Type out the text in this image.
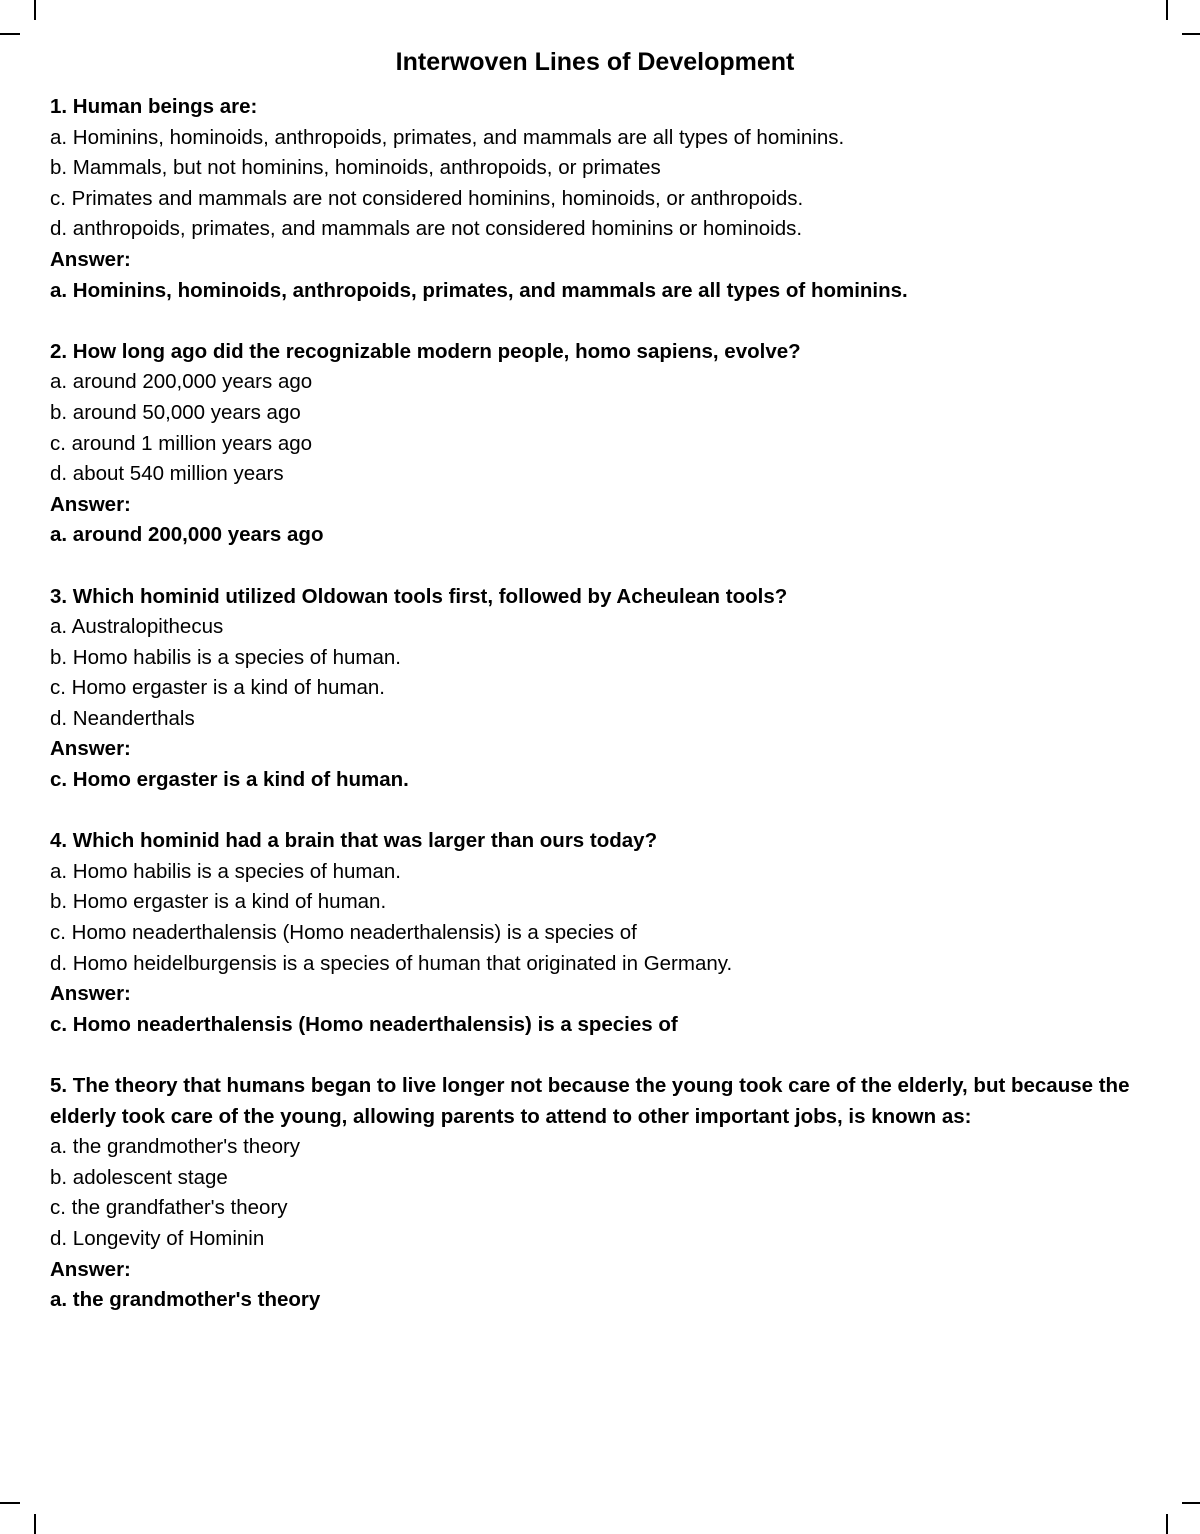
Interwoven Lines of Development
1. Human beings are:
a. Hominins, hominoids, anthropoids, primates, and mammals are all types of hominins.
b. Mammals, but not hominins, hominoids, anthropoids, or primates
c. Primates and mammals are not considered hominins, hominoids, or anthropoids.
d. anthropoids, primates, and mammals are not considered hominins or hominoids.
Answer:
a. Hominins, hominoids, anthropoids, primates, and mammals are all types of hominins.
2. How long ago did the recognizable modern people, homo sapiens, evolve?
a. around 200,000 years ago
b. around 50,000 years ago
c. around 1 million years ago
d. about 540 million years
Answer:
a. around 200,000 years ago
3. Which hominid utilized Oldowan tools first, followed by Acheulean tools?
a. Australopithecus
b. Homo habilis is a species of human.
c. Homo ergaster is a kind of human.
d. Neanderthals
Answer:
c. Homo ergaster is a kind of human.
4. Which hominid had a brain that was larger than ours today?
a. Homo habilis is a species of human.
b. Homo ergaster is a kind of human.
c. Homo neaderthalensis (Homo neaderthalensis) is a species of
d. Homo heidelburgensis is a species of human that originated in Germany.
Answer:
c. Homo neaderthalensis (Homo neaderthalensis) is a species of
5. The theory that humans began to live longer not because the young took care of the elderly, but because the elderly took care of the young, allowing parents to attend to other important jobs, is known as:
a. the grandmother's theory
b. adolescent stage
c. the grandfather's theory
d. Longevity of Hominin
Answer:
a. the grandmother's theory
